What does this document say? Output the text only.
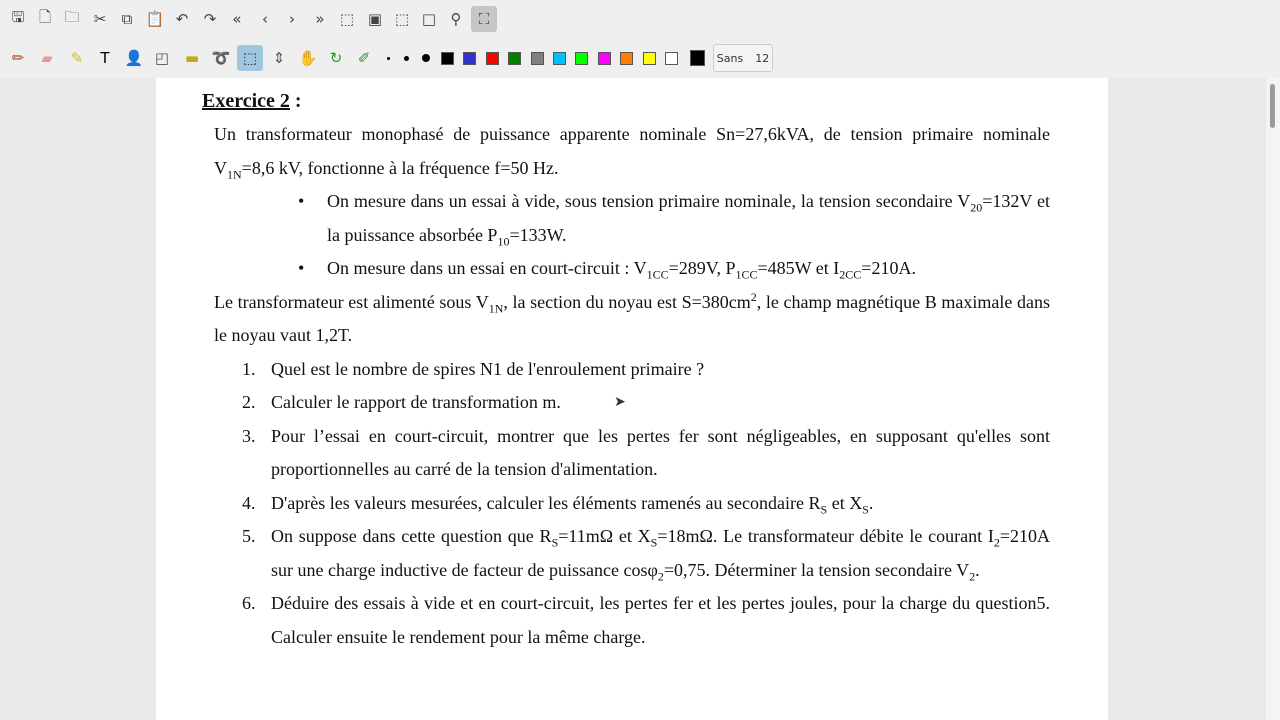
🖫 🗋 🗀 ✂	⧉ 📋 ↶	↷	«	‹	›	»	⬚ ▣ ⬚ □ ⚲	⛶
Sans 12
✏	▰	✎	T	👤 ◰	▬ ➰ ⬚	⇕ ✋ ↻	✐
Exercice 2 :
Un transformateur monophasé de puissance apparente nominale Sn=27,6kVA, de tension primaire nominale $V_{1N}=8,6$ kV, fonctionne à la fréquence f=50 Hz.
• On mesure dans un essai à vide, sous tension primaire nominale, la tension secondaire $V_{20}=132V$ et la puissance absorbée $P_{10}=133W$.
• On mesure dans un essai en court-circuit : $V_{1CC}=289V$, $P_{1CC}=485W$ et $I_{2CC}=210A$.
Le transformateur est alimenté sous $V_{1N}$, la section du noyau est $S=380cm^2$, le champ magnétique B maximale dans le noyau vaut 1,2T.
1. Quel est le nombre de spires N1 de l'enroulement primaire ?
2. Calculer le rapport de transformation m.
3. Pour l’essai en court-circuit, montrer que les pertes fer sont négligeables, en supposant qu'elles sont proportionnelles au carré de la tension d'alimentation.
4. D'après les valeurs mesurées, calculer les éléments ramenés au secondaire $R_S$ et $X_S$.
5. On suppose dans cette question que $R_S=11m\Omega$ et $X_S=18m\Omega$. Le transformateur débite le courant $I_2=210A$ sur une charge inductive de facteur de puissance cosφ$_2$=0,75. Déterminer la tension secondaire $V_2$.
6. Déduire des essais à vide et en court-circuit, les pertes fer et les pertes joules, pour la charge du question5. Calculer ensuite le rendement pour la même charge.
➤
